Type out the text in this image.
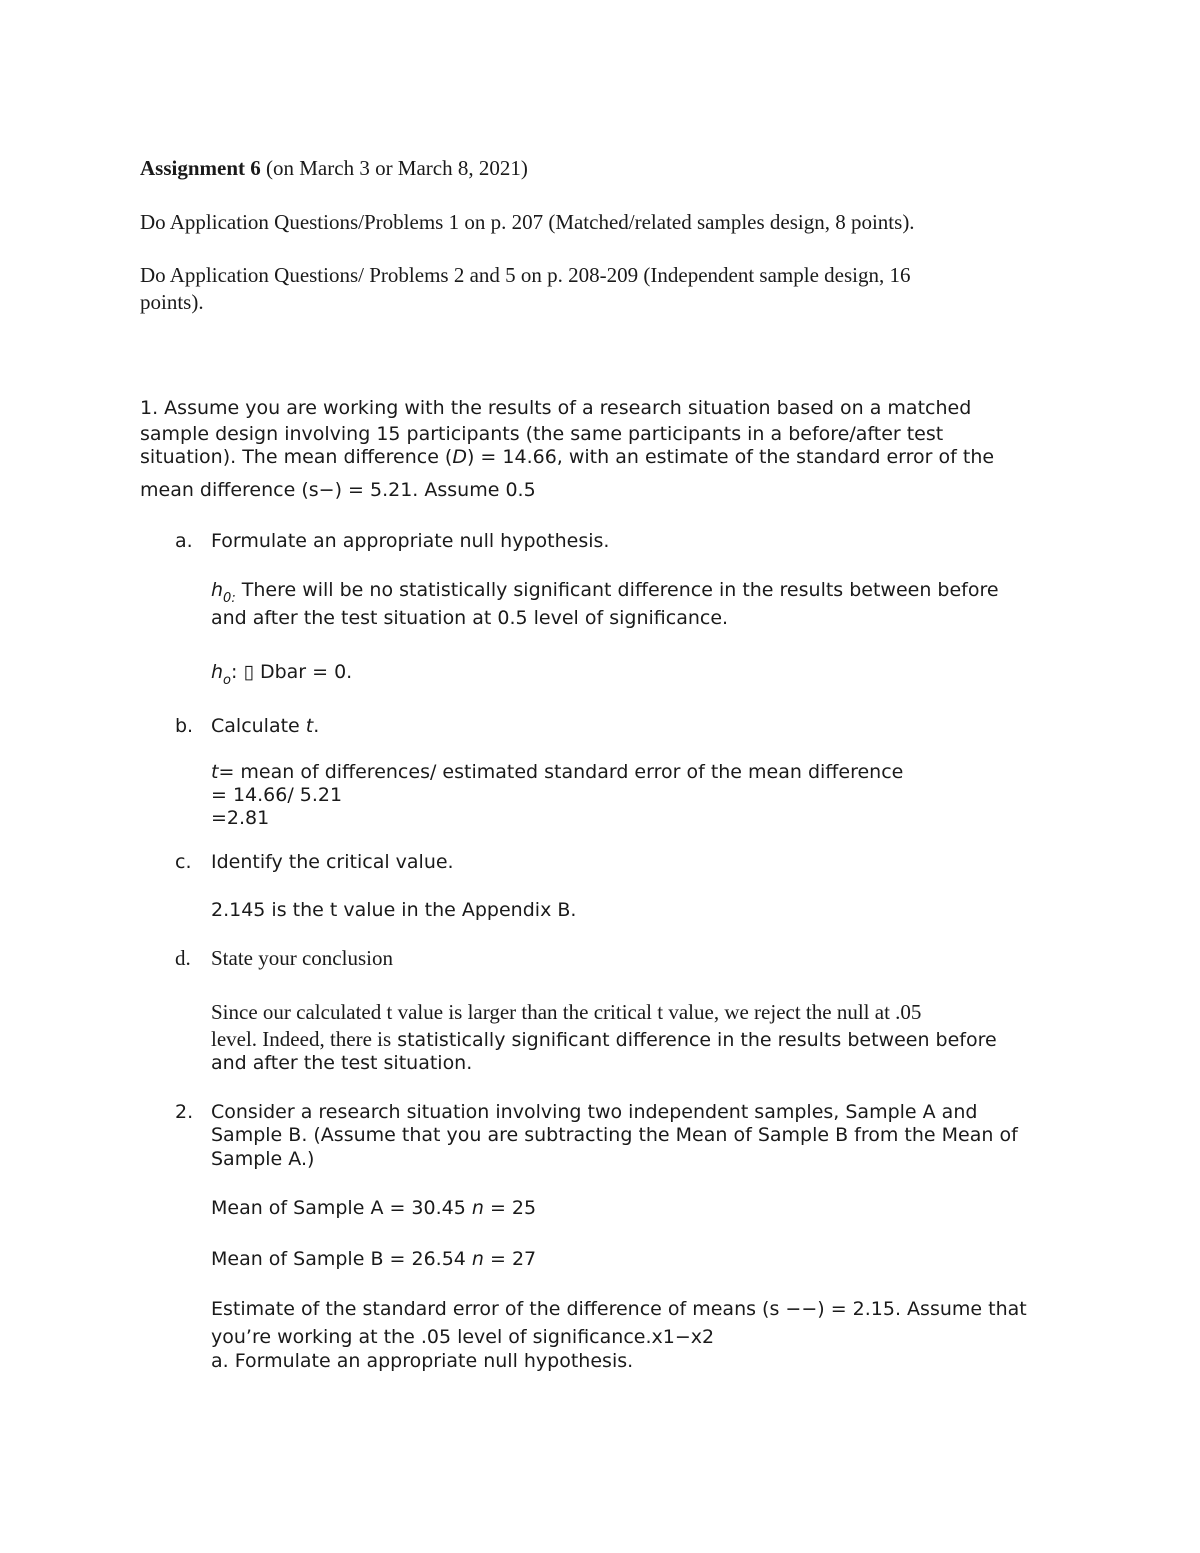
Assignment 6 (on March 3 or March 8, 2021)
Do Application Questions/Problems 1 on p. 207 (Matched/related samples design, 8 points).
Do Application Questions/ Problems 2 and 5 on p. 208-209 (Independent sample design, 16
points).
1. Assume you are working with the results of a research situation based on a matched
sample design involving 15 participants (the same participants in a before/after test
situation). The mean difference (D) = 14.66, with an estimate of the standard error of the
mean difference (s−) = 5.21. Assume 0.5
a. Formulate an appropriate null hypothesis.
$h_{0:}$ There will be no statistically significant difference in the results between before
and after the test situation at 0.5 level of significance.
$h_o$: ▯ Dbar = 0.
b. Calculate t.
t= mean of differences/ estimated standard error of the mean difference
= 14.66/ 5.21
=2.81
c. Identify the critical value.
2.145 is the t value in the Appendix B.
d. State your conclusion
Since our calculated t value is larger than the critical t value, we reject the null at .05
level. Indeed, there is statistically significant difference in the results between before
and after the test situation.
2. Consider a research situation involving two independent samples, Sample A and
Sample B. (Assume that you are subtracting the Mean of Sample B from the Mean of
Sample A.)
Mean of Sample A = 30.45 n = 25
Mean of Sample B = 26.54 n = 27
Estimate of the standard error of the difference of means (s −−) = 2.15. Assume that
you’re working at the .05 level of significance.x1−x2
a. Formulate an appropriate null hypothesis.
